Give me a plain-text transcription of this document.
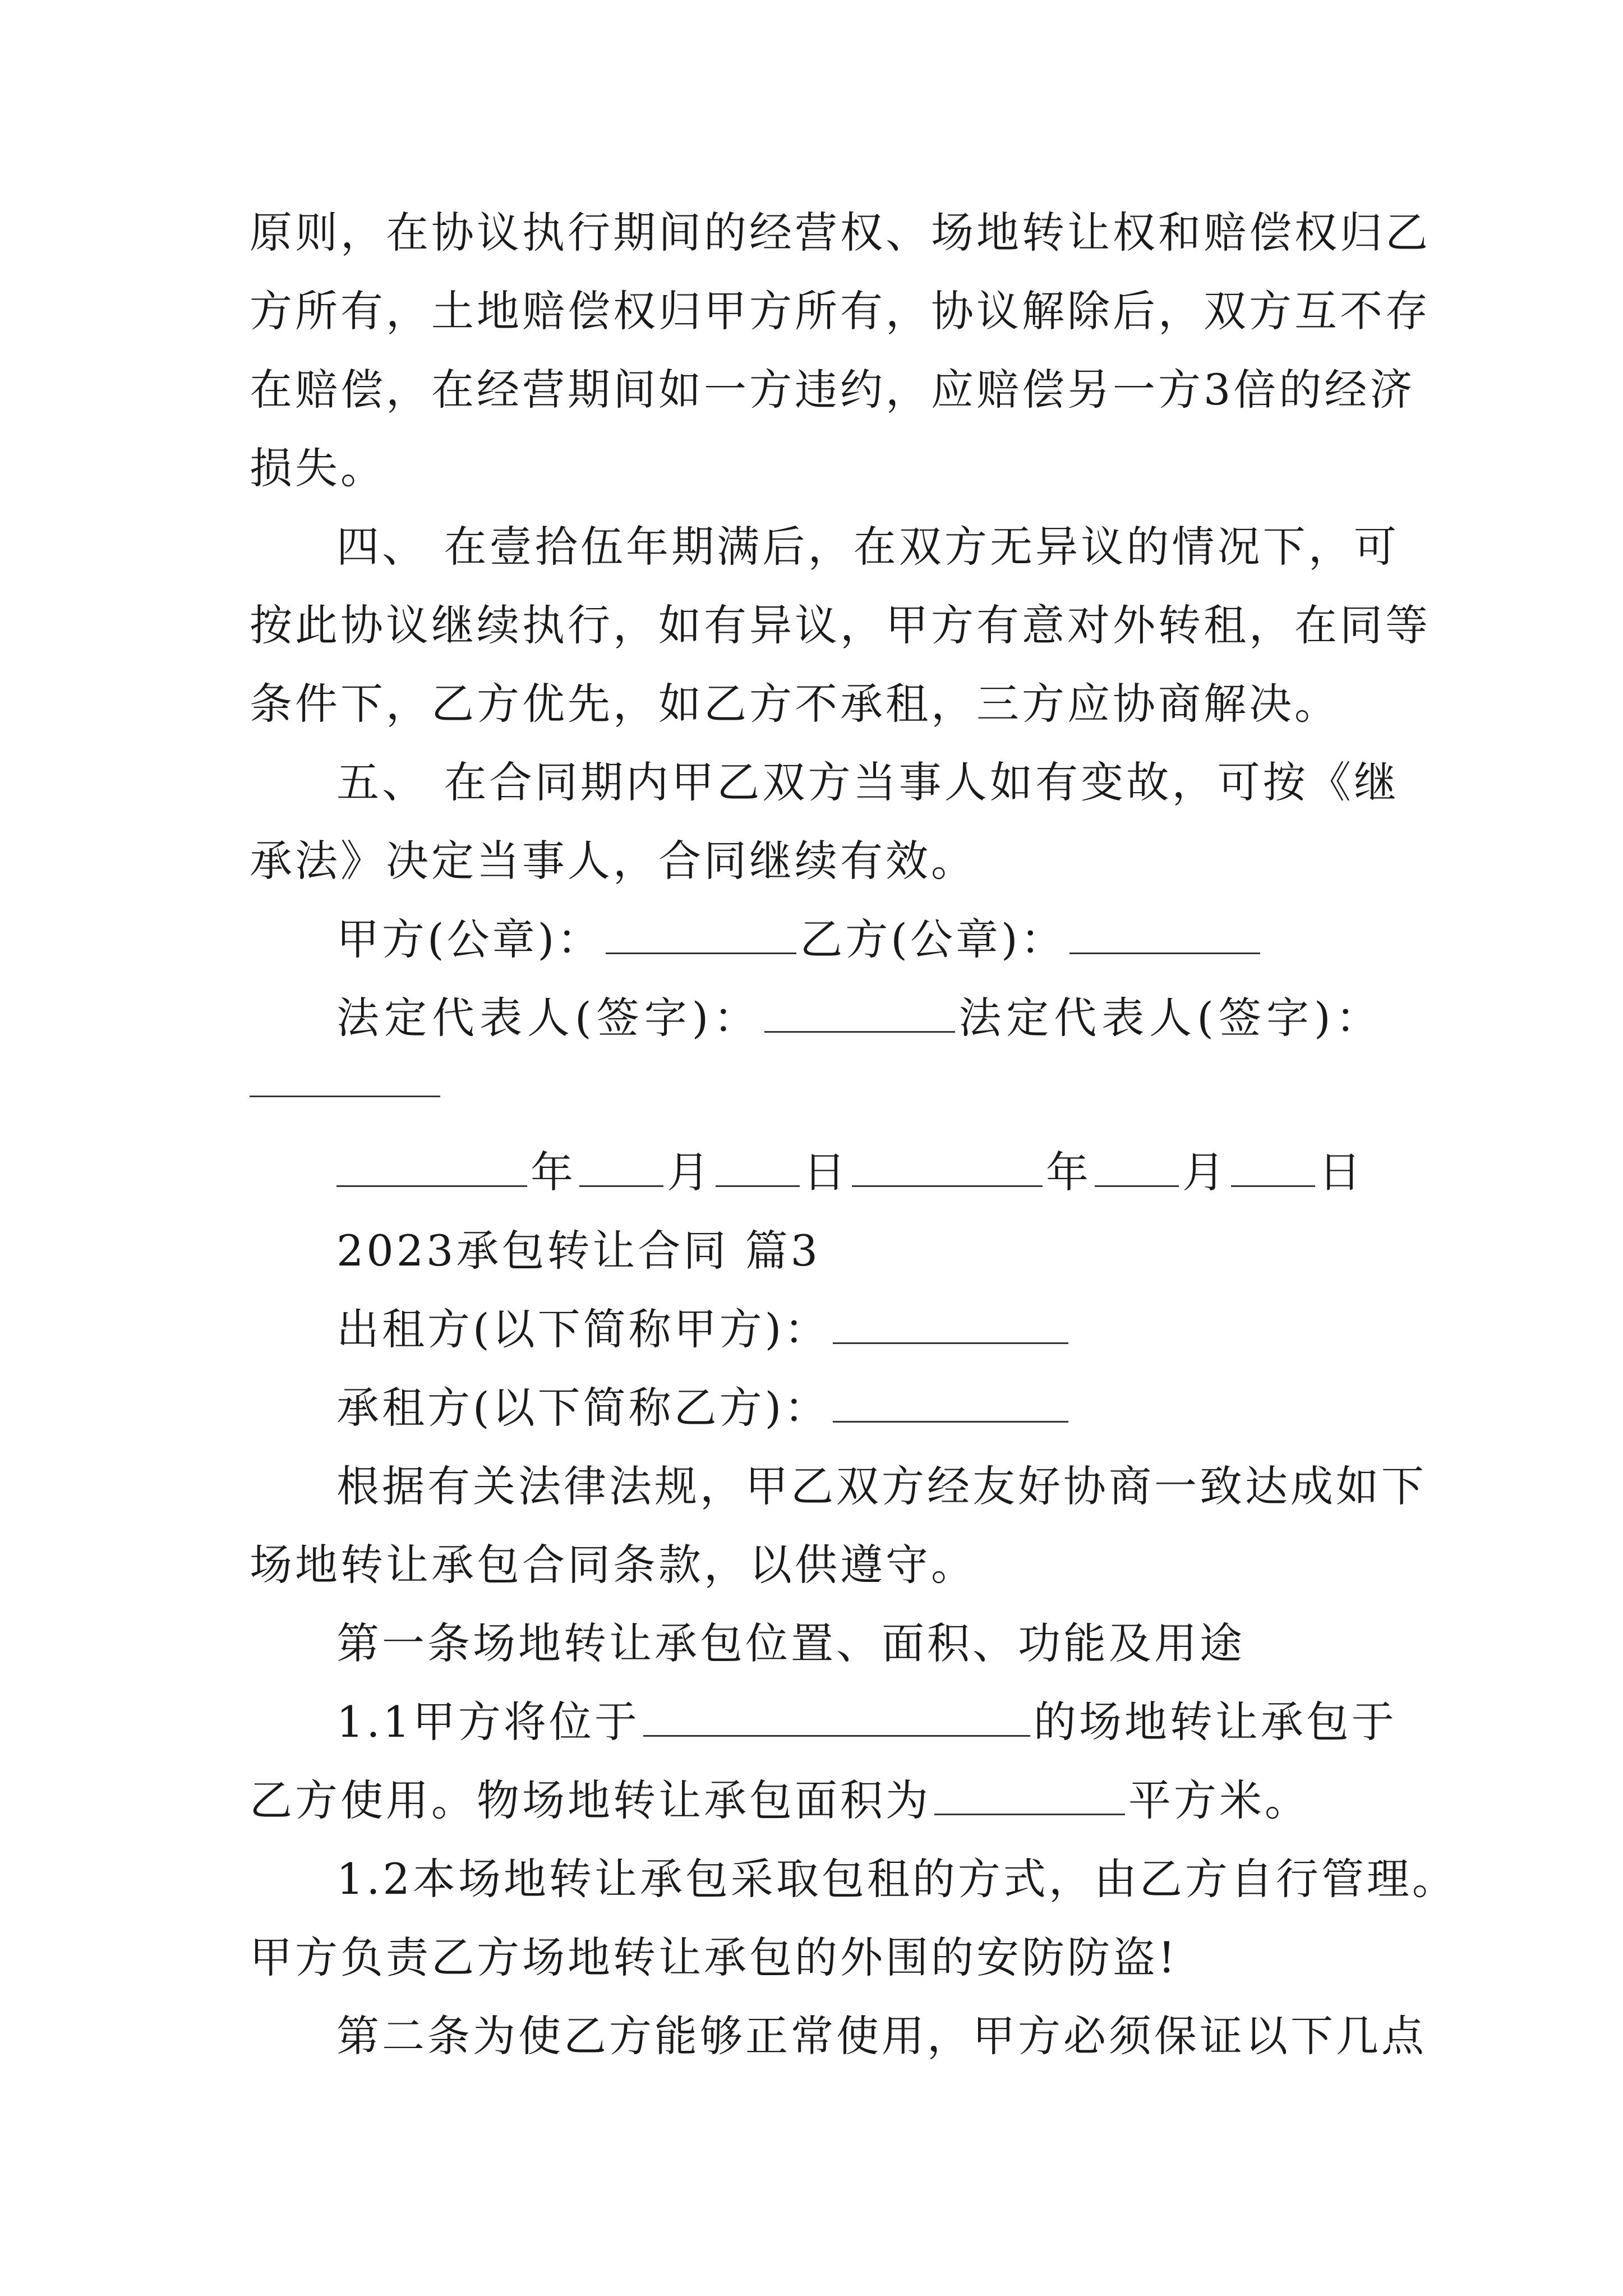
原则，在协议执行期间的经营权、场地转让权和赔偿权归乙
方所有，土地赔偿权归甲方所有，协议解除后，双方互不存
在赔偿，在经营期间如一方违约，应赔偿另一方3倍的经济
损失。
四、 在壹拾伍年期满后，在双方无异议的情况下，可
按此协议继续执行，如有异议，甲方有意对外转租，在同等
条件下，乙方优先，如乙方不承租，三方应协商解决。
五、 在合同期内甲乙双方当事人如有变故，可按《继
承法》决定当事人，合同继续有效。
甲方(公章)：	乙方(公章)：
法定代表人(签字)：	法定代表人(签字)：
年 月 日	年 月 日
2023承包转让合同 篇3
出租方(以下简称甲方)：
承租方(以下简称乙方)：
根据有关法律法规，甲乙双方经友好协商一致达成如下
场地转让承包合同条款，以供遵守。
第一条场地转让承包位置、面积、功能及用途
1.1甲方将位于	的场地转让承包于
乙方使用。物场地转让承包面积为	平方米。
1.2本场地转让承包采取包租的方式，由乙方自行管理。
甲方负责乙方场地转让承包的外围的安防防盗!
第二条为使乙方能够正常使用，甲方必须保证以下几点
